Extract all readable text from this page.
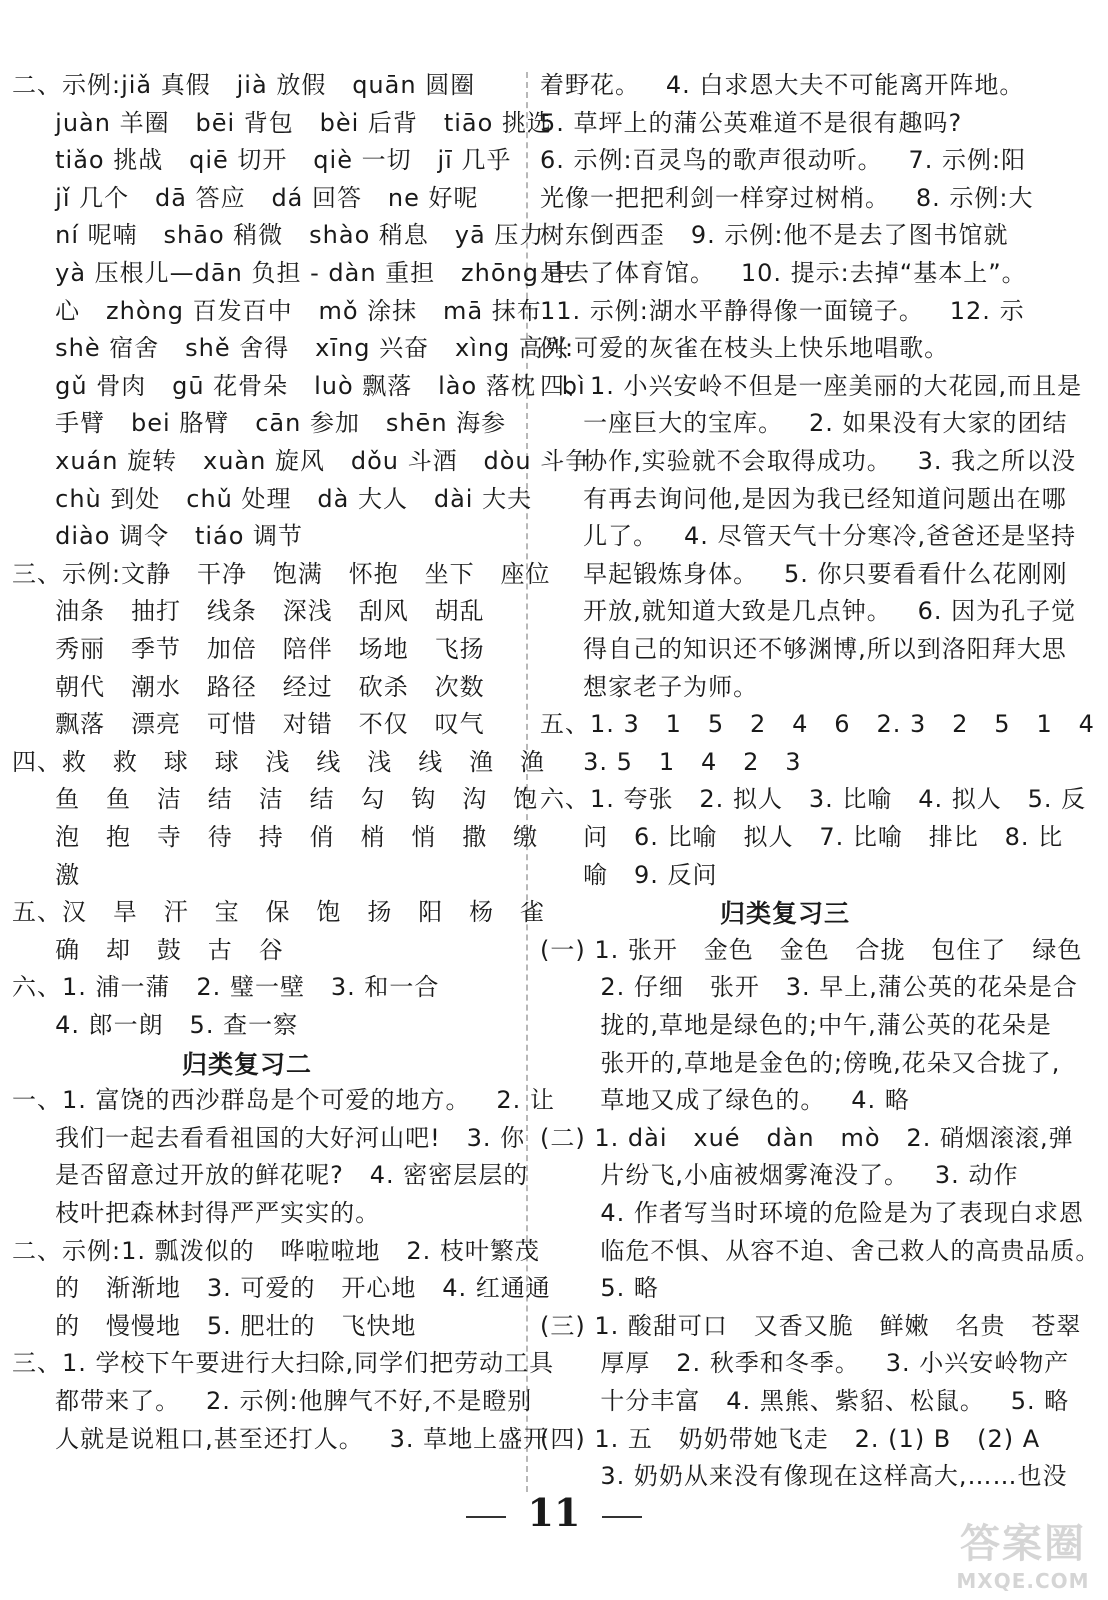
二、示例:jiǎ 真假   jià 放假   quān 圆圈
juàn 羊圈   bēi 背包   bèi 后背   tiāo 挑选
tiǎo 挑战   qiē 切开   qiè 一切   jī 几乎
jǐ 几个   dā 答应   dá 回答   ne 好呢
ní 呢喃   shāo 稍微   shào 稍息   yā 压力
yà 压根儿—dān 负担 - dàn 重担   zhōng 中
心   zhòng 百发百中   mǒ 涂抹   mā 抹布
shè 宿舍   shě 舍得   xīng 兴奋   xìng 高兴
gǔ 骨肉   gū 花骨朵   luò 飘落   lào 落枕   bì
手臂   bei 胳臂   cān 参加   shēn 海参
xuán 旋转   xuàn 旋风   dǒu 斗酒   dòu 斗争
chù 到处   chǔ 处理   dà 大人   dài 大夫
diào 调令   tiáo 调节
三、示例:文静   干净   饱满   怀抱   坐下   座位
油条   抽打   线条   深浅   刮风   胡乱
秀丽   季节   加倍   陪伴   场地   飞扬
朝代   潮水   路径   经过   砍杀   次数
飘落   漂亮   可惜   对错   不仅   叹气
四、救   救   球   球   浅   线   浅   线   渔   渔
鱼   鱼   洁   结   洁   结   勾   钩   沟   饱
泡   抱   寺   待   持   俏   梢   悄   撒   缴
激
五、汉   旱   汗   宝   保   饱   扬   阳   杨   雀
确   却   鼓   古   谷
六、1. 浦一蒲   2. 璧一壁   3. 和一合
4. 郎一朗   5. 查一察
归类复习二
一、1. 富饶的西沙群岛是个可爱的地方。   2. 让
我们一起去看看祖国的大好河山吧!   3. 你
是否留意过开放的鲜花呢?   4. 密密层层的
枝叶把森林封得严严实实的。
二、示例:1. 瓢泼似的   哗啦啦地   2. 枝叶繁茂
的   渐渐地   3. 可爱的   开心地   4. 红通通
的   慢慢地   5. 肥壮的   飞快地
三、1. 学校下午要进行大扫除,同学们把劳动工具
都带来了。   2. 示例:他脾气不好,不是瞪别
人就是说粗口,甚至还打人。   3. 草地上盛开
着野花。   4. 白求恩大夫不可能离开阵地。
5. 草坪上的蒲公英难道不是很有趣吗?
6. 示例:百灵鸟的歌声很动听。   7. 示例:阳
光像一把把利剑一样穿过树梢。   8. 示例:大
树东倒西歪   9. 示例:他不是去了图书馆就
是去了体育馆。   10. 提示:去掉“基本上”。
11. 示例:湖水平静得像一面镜子。   12. 示
例:可爱的灰雀在枝头上快乐地唱歌。
四、1. 小兴安岭不但是一座美丽的大花园,而且是
一座巨大的宝库。   2. 如果没有大家的团结
协作,实验就不会取得成功。   3. 我之所以没
有再去询问他,是因为我已经知道问题出在哪
儿了。   4. 尽管天气十分寒冷,爸爸还是坚持
早起锻炼身体。   5. 你只要看看什么花刚刚
开放,就知道大致是几点钟。   6. 因为孔子觉
得自己的知识还不够渊博,所以到洛阳拜大思
想家老子为师。
五、1. 3   1   5   2   4   6   2. 3   2   5   1   4
3. 5   1   4   2   3
六、1. 夸张   2. 拟人   3. 比喻   4. 拟人   5. 反
问   6. 比喻   拟人   7. 比喻   排比   8. 比
喻   9. 反问
归类复习三
(一) 1. 张开   金色   金色   合拢   包住了   绿色
2. 仔细   张开   3. 早上,蒲公英的花朵是合
拢的,草地是绿色的;中午,蒲公英的花朵是
张开的,草地是金色的;傍晚,花朵又合拢了,
草地又成了绿色的。   4. 略
(二) 1. dài   xué   dàn   mò   2. 硝烟滚滚,弹
片纷飞,小庙被烟雾淹没了。   3. 动作
4. 作者写当时环境的危险是为了表现白求恩
临危不惧、从容不迫、舍己救人的高贵品质。
5. 略
(三) 1. 酸甜可口   又香又脆   鲜嫩   名贵   苍翠
厚厚   2. 秋季和冬季。   3. 小兴安岭物产
十分丰富   4. 黑熊、紫貂、松鼠。   5. 略
(四) 1. 五   奶奶带她飞走   2. (1) B   (2) A
3. 奶奶从来没有像现在这样高大,……也没
11
答案圈
MXQE.COM
